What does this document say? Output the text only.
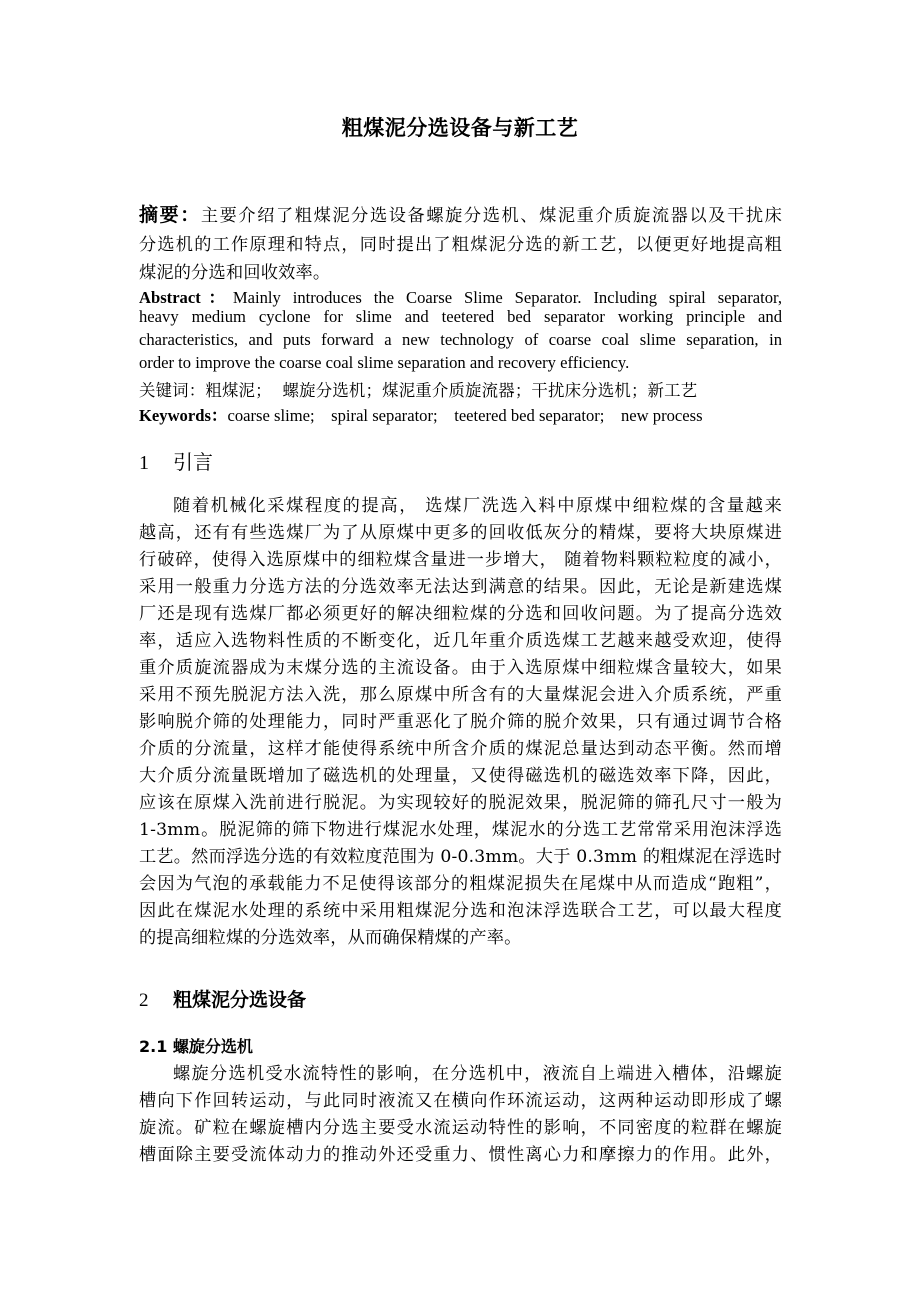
粗煤泥分选设备与新工艺
摘要：主要介绍了粗煤泥分选设备螺旋分选机、煤泥重介质旋流器以及干扰床
分选机的工作原理和特点，同时提出了粗煤泥分选的新工艺，以便更好地提高粗
煤泥的分选和回收效率。
Abstract：Mainly introduces the Coarse Slime Separator. Including spiral separator,
heavy medium cyclone for slime and teetered bed separator working principle and
characteristics, and puts forward a new technology of coarse coal slime separation, in
order to improve the coarse coal slime separation and recovery efficiency.
关键词：粗煤泥；  螺旋分选机；煤泥重介质旋流器；干扰床分选机；新工艺
Keywords：coarse slime;    spiral separator;    teetered bed separator;    new process
1 引言
随着机械化采煤程度的提高， 选煤厂洗选入料中原煤中细粒煤的含量越来
越高，还有有些选煤厂为了从原煤中更多的回收低灰分的精煤，要将大块原煤进
行破碎，使得入选原煤中的细粒煤含量进一步增大， 随着物料颗粒粒度的减小，
采用一般重力分选方法的分选效率无法达到满意的结果。因此，无论是新建选煤
厂还是现有选煤厂都必须更好的解决细粒煤的分选和回收问题。为了提高分选效
率，适应入选物料性质的不断变化，近几年重介质选煤工艺越来越受欢迎，使得
重介质旋流器成为末煤分选的主流设备。由于入选原煤中细粒煤含量较大，如果
采用不预先脱泥方法入洗，那么原煤中所含有的大量煤泥会进入介质系统，严重
影响脱介筛的处理能力，同时严重恶化了脱介筛的脱介效果，只有通过调节合格
介质的分流量，这样才能使得系统中所含介质的煤泥总量达到动态平衡。然而增
大介质分流量既增加了磁选机的处理量，又使得磁选机的磁选效率下降，因此，
应该在原煤入洗前进行脱泥。为实现较好的脱泥效果，脱泥筛的筛孔尺寸一般为
1-3mm。脱泥筛的筛下物进行煤泥水处理，煤泥水的分选工艺常常采用泡沫浮选
工艺。然而浮选分选的有效粒度范围为 0-0.3mm。大于 0.3mm 的粗煤泥在浮选时
会因为气泡的承载能力不足使得该部分的粗煤泥损失在尾煤中从而造成“跑粗”，
因此在煤泥水处理的系统中采用粗煤泥分选和泡沫浮选联合工艺，可以最大程度
的提高细粒煤的分选效率，从而确保精煤的产率。
2 粗煤泥分选设备
2.1 螺旋分选机
螺旋分选机受水流特性的影响，在分选机中，液流自上端进入槽体，沿螺旋
槽向下作回转运动，与此同时液流又在横向作环流运动，这两种运动即形成了螺
旋流。矿粒在螺旋槽内分选主要受水流运动特性的影响，不同密度的粒群在螺旋
槽面除主要受流体动力的推动外还受重力、惯性离心力和摩擦力的作用。此外，
